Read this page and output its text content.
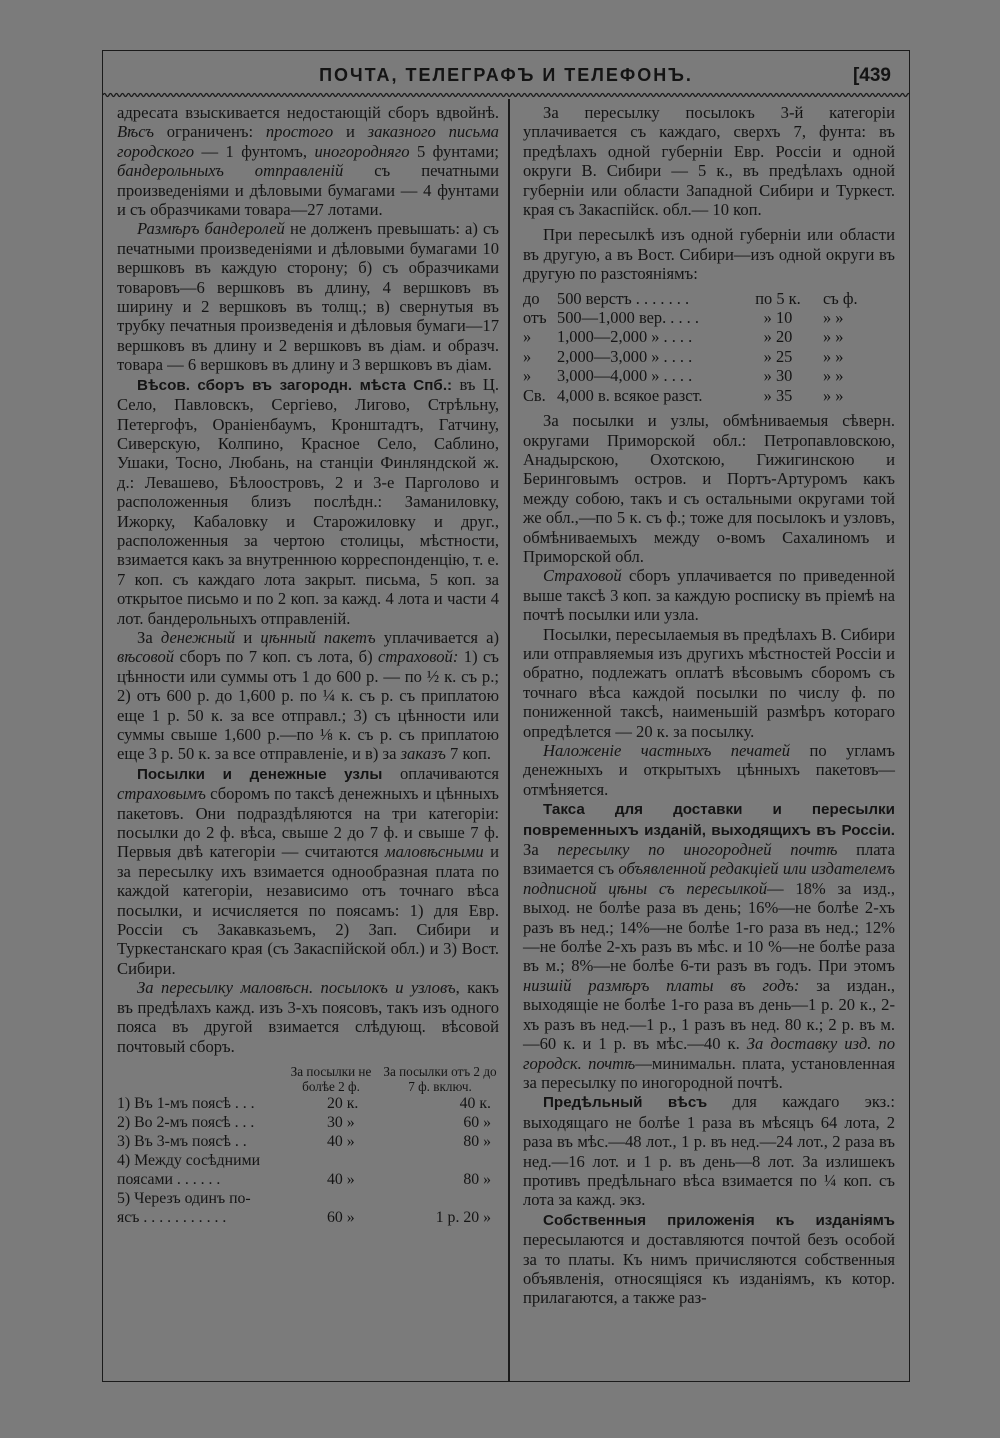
ПОЧТА, ТЕЛЕГРАФЪ И ТЕЛЕФОНЪ.	[439

адресата взыскивается недостающій сборъ вдвойнѣ. Вѣсъ ограниченъ: простого и заказного письма городского — 1 фунтомъ, иногородняго 5 фунтами; бандерольныхъ отправленій съ печатными произведеніями и дѣловыми бумагами — 4 фунтами и съ образчиками товара—27 лотами.

Размѣръ бандеролей не долженъ превышать: а) съ печатными произведеніями и дѣловыми бумагами 10 вершковъ въ каждую сторону; б) съ образчиками товаровъ—6 вершковъ въ длину, 4 вершковъ въ ширину и 2 вершковъ въ толщ.; в) свернутыя въ трубку печатныя произведенія и дѣловыя бумаги—17 вершковъ въ длину и 2 вершковъ въ діам. и образч. товара — 6 вершковъ въ длину и 3 вершковъ въ діам.

Вѣсов. сборъ въ загородн. мѣста Спб.: въ Ц. Село, Павловскъ, Сергіево, Лигово, Стрѣльну, Петергофъ, Ораніенбаумъ, Кронштадтъ, Гатчину, Сиверскую, Колпино, Красное Село, Саблино, Ушаки, Тосно, Любань, на станціи Финляндской ж. д.: Левашево, Бѣлоостровъ, 2 и 3-е Парголово и расположенныя близъ послѣдн.: Заманиловку, Ижорку, Кабаловку и Старожиловку и друг., расположенныя за чертою столицы, мѣстности, взимается какъ за внутреннюю корреспонденцію, т. е. 7 коп. съ каждаго лота закрыт. письма, 5 коп. за открытое письмо и по 2 коп. за кажд. 4 лота и части 4 лот. бандерольныхъ отправленій.

За денежный и цѣнный пакетъ уплачивается а) вѣсовой сборъ по 7 коп. съ лота, б) страховой: 1) съ цѣнности или суммы отъ 1 до 600 р. — по ½ к. съ р.; 2) отъ 600 р. до 1,600 р. по ¼ к. съ р. съ приплатою еще 1 р. 50 к. за все отправл.; 3) съ цѣнности или суммы свыше 1,600 р.—по ⅛ к. съ р. съ приплатою еще 3 р. 50 к. за все отправленіе, и в) за заказъ 7 коп.

Посылки и денежные узлы оплачиваются страховымъ сборомъ по таксѣ денежныхъ и цѣнныхъ пакетовъ. Они подраздѣляются на три категоріи: посылки до 2 ф. вѣса, свыше 2 до 7 ф. и свыше 7 ф. Первыя двѣ категоріи — считаются маловѣсными и за пересылку ихъ взимается однообразная плата по каждой категоріи, независимо отъ точнаго вѣса посылки, и исчисляется по поясамъ: 1) для Евр. Россіи съ Закавказьемъ, 2) Зап. Сибири и Туркестанскаго края (съ Закаспійской обл.) и 3) Вост. Сибири.

За пересылку маловѣсн. посылокъ и узловъ, какъ въ предѣлахъ кажд. изъ 3-хъ поясовъ, такъ изъ одного пояса въ другой взимается слѣдующ. вѣсовой почтовый сборъ.

За посылки не болѣе 2 ф.
За посылки отъ 2 до 7 ф. включ.
1) Въ 1-мъ поясѣ . . .	20 к.	40 к.
2) Во 2-мъ поясѣ . . .	30 »	60 »
3) Въ 3-мъ поясѣ . .	40 »	80 »
4) Между сосѣдними
поясами . . . . . .	40 »	80 »
5) Черезъ одинъ по-
ясъ . . . . . . . . . . .	60 »	1 р. 20 »

За пересылку посылокъ 3-й категоріи уплачивается съ каждаго, сверхъ 7, фунта: въ предѣлахъ одной губерніи Евр. Россіи и одной округи В. Сибири — 5 к., въ предѣлахъ одной губерніи или области Западной Сибири и Туркест. края съ Закаспійск. обл.— 10 коп.

При пересылкѣ изъ одной губерніи или области въ другую, а въ Вост. Сибири—изъ одной округи въ другую по разстояніямъ:

до	500 верстъ . . . . . . .	по 5 к.	съ ф.
отъ	500—1,000 вер. . . . .	» 10	» »
»	1,000—2,000 » . . . .	» 20	» »
»	2,000—3,000 » . . . .	» 25	» »
»	3,000—4,000 » . . . .	» 30	» »
Св.	4,000 в. всякое разст.	» 35	» »

За посылки и узлы, обмѣниваемыя сѣверн. округами Приморской обл.: Петропавловскою, Анадырскою, Охотскою, Гижигинскою и Беринговымъ остров. и Портъ-Артуромъ какъ между собою, такъ и съ остальными округами той же обл.,—по 5 к. съ ф.; тоже для посылокъ и узловъ, обмѣниваемыхъ между о-вомъ Сахалиномъ и Приморской обл.

Страховой сборъ уплачивается по приведенной выше таксѣ 3 коп. за каждую росписку въ пріемѣ на почтѣ посылки или узла.

Посылки, пересылаемыя въ предѣлахъ В. Сибири или отправляемыя изъ другихъ мѣстностей Россіи и обратно, подлежатъ оплатѣ вѣсовымъ сборомъ съ точнаго вѣса каждой посылки по числу ф. по пониженной таксѣ, наименьшій размѣръ котораго опредѣлется — 20 к. за посылку.

Наложеніе частныхъ печатей по угламъ денежныхъ и открытыхъ цѣнныхъ пакетовъ—отмѣняется.

Такса для доставки и пересылки повременныхъ изданій, выходящихъ въ Россіи. За пересылку по иногородней почтѣ плата взимается съ объявленной редакціей или издателемъ подписной цѣны съ пересылкой— 18% за изд., выход. не болѣе раза въ день; 16%—не болѣе 2-хъ разъ въ нед.; 14%—не болѣе 1-го раза въ нед.; 12%—не болѣе 2-хъ разъ въ мѣс. и 10 %—не болѣе раза въ м.; 8%—не болѣе 6-ти разъ въ годъ. При этомъ низшій размѣръ платы въ годъ: за издан., выходящіе не болѣе 1-го раза въ день—1 р. 20 к., 2-хъ разъ въ нед.—1 р., 1 разъ въ нед. 80 к.; 2 р. въ м.—60 к. и 1 р. въ мѣс.—40 к. За доставку изд. по городск. почтѣ—минимальн. плата, установленная за пересылку по иногородной почтѣ.

Предѣльный вѣсъ для каждаго экз.: выходящаго не болѣе 1 раза въ мѣсяцъ 64 лота, 2 раза въ мѣс.—48 лот., 1 р. въ нед.—24 лот., 2 раза въ нед.—16 лот. и 1 р. въ день—8 лот. За излишекъ противъ предѣльнаго вѣса взимается по ¼ коп. съ лота за кажд. экз.

Собственныя приложенія къ изданіямъ пересылаются и доставляются почтой безъ особой за то платы. Къ нимъ причисляются собственныя объявленія, относящіяся къ изданіямъ, къ котор. прилагаются, а также раз-
